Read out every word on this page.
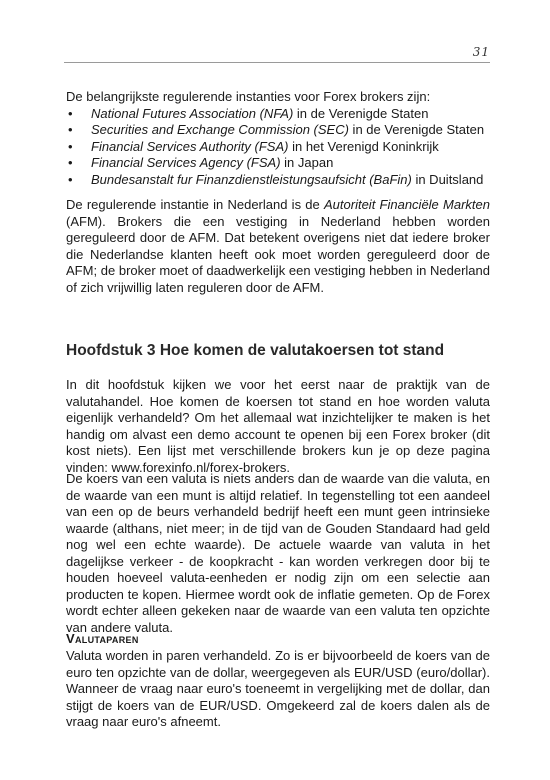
31

De belangrijkste regulerende instanties voor Forex brokers zijn:

• National Futures Association (NFA) in de Verenigde Staten
• Securities and Exchange Commission (SEC) in de Verenigde Staten
• Financial Services Authority (FSA) in het Verenigd Koninkrijk
• Financial Services Agency (FSA) in Japan
• Bundesanstalt fur Finanzdienstleistungsaufsicht (BaFin) in Duitsland
De regulerende instantie in Nederland is de Autoriteit Financiële Markten (AFM). Brokers die een vestiging in Nederland hebben worden gereguleerd door de AFM. Dat betekent overigens niet dat iedere broker die Nederlandse klanten heeft ook moet worden gereguleerd door de AFM; de broker moet of daadwerkelijk een vestiging hebben in Nederland of zich vrijwillig laten reguleren door de AFM.
Hoofdstuk 3 Hoe komen de valutakoersen tot stand

In dit hoofdstuk kijken we voor het eerst naar de praktijk van de valutahandel. Hoe komen de koersen tot stand en hoe worden valuta eigenlijk verhandeld? Om het allemaal wat inzichtelijker te maken is het handig om alvast een demo account te openen bij een Forex broker (dit kost niets). Een lijst met verschillende brokers kun je op deze pagina vinden: www.forexinfo.nl/forex-brokers.

De koers van een valuta is niets anders dan de waarde van die valuta, en de waarde van een munt is altijd relatief. In tegenstelling tot een aandeel van een op de beurs verhandeld bedrijf heeft een munt geen intrinsieke waarde (althans, niet meer; in de tijd van de Gouden Standaard had geld nog wel een echte waarde). De actuele waarde van valuta in het dagelijkse verkeer - de koopkracht - kan worden verkregen door bij te houden hoeveel valuta-eenheden er nodig zijn om een selectie aan producten te kopen. Hiermee wordt ook de inflatie gemeten. Op de Forex wordt echter alleen gekeken naar de waarde van een valuta ten opzichte van andere valuta.

Valutaparen

Valuta worden in paren verhandeld. Zo is er bijvoorbeeld de koers van de euro ten opzichte van de dollar, weergegeven als EUR/USD (euro/dollar). Wanneer de vraag naar euro's toeneemt in vergelijking met de dollar, dan stijgt de koers van de EUR/USD. Omgekeerd zal de koers dalen als de vraag naar euro's afneemt.
